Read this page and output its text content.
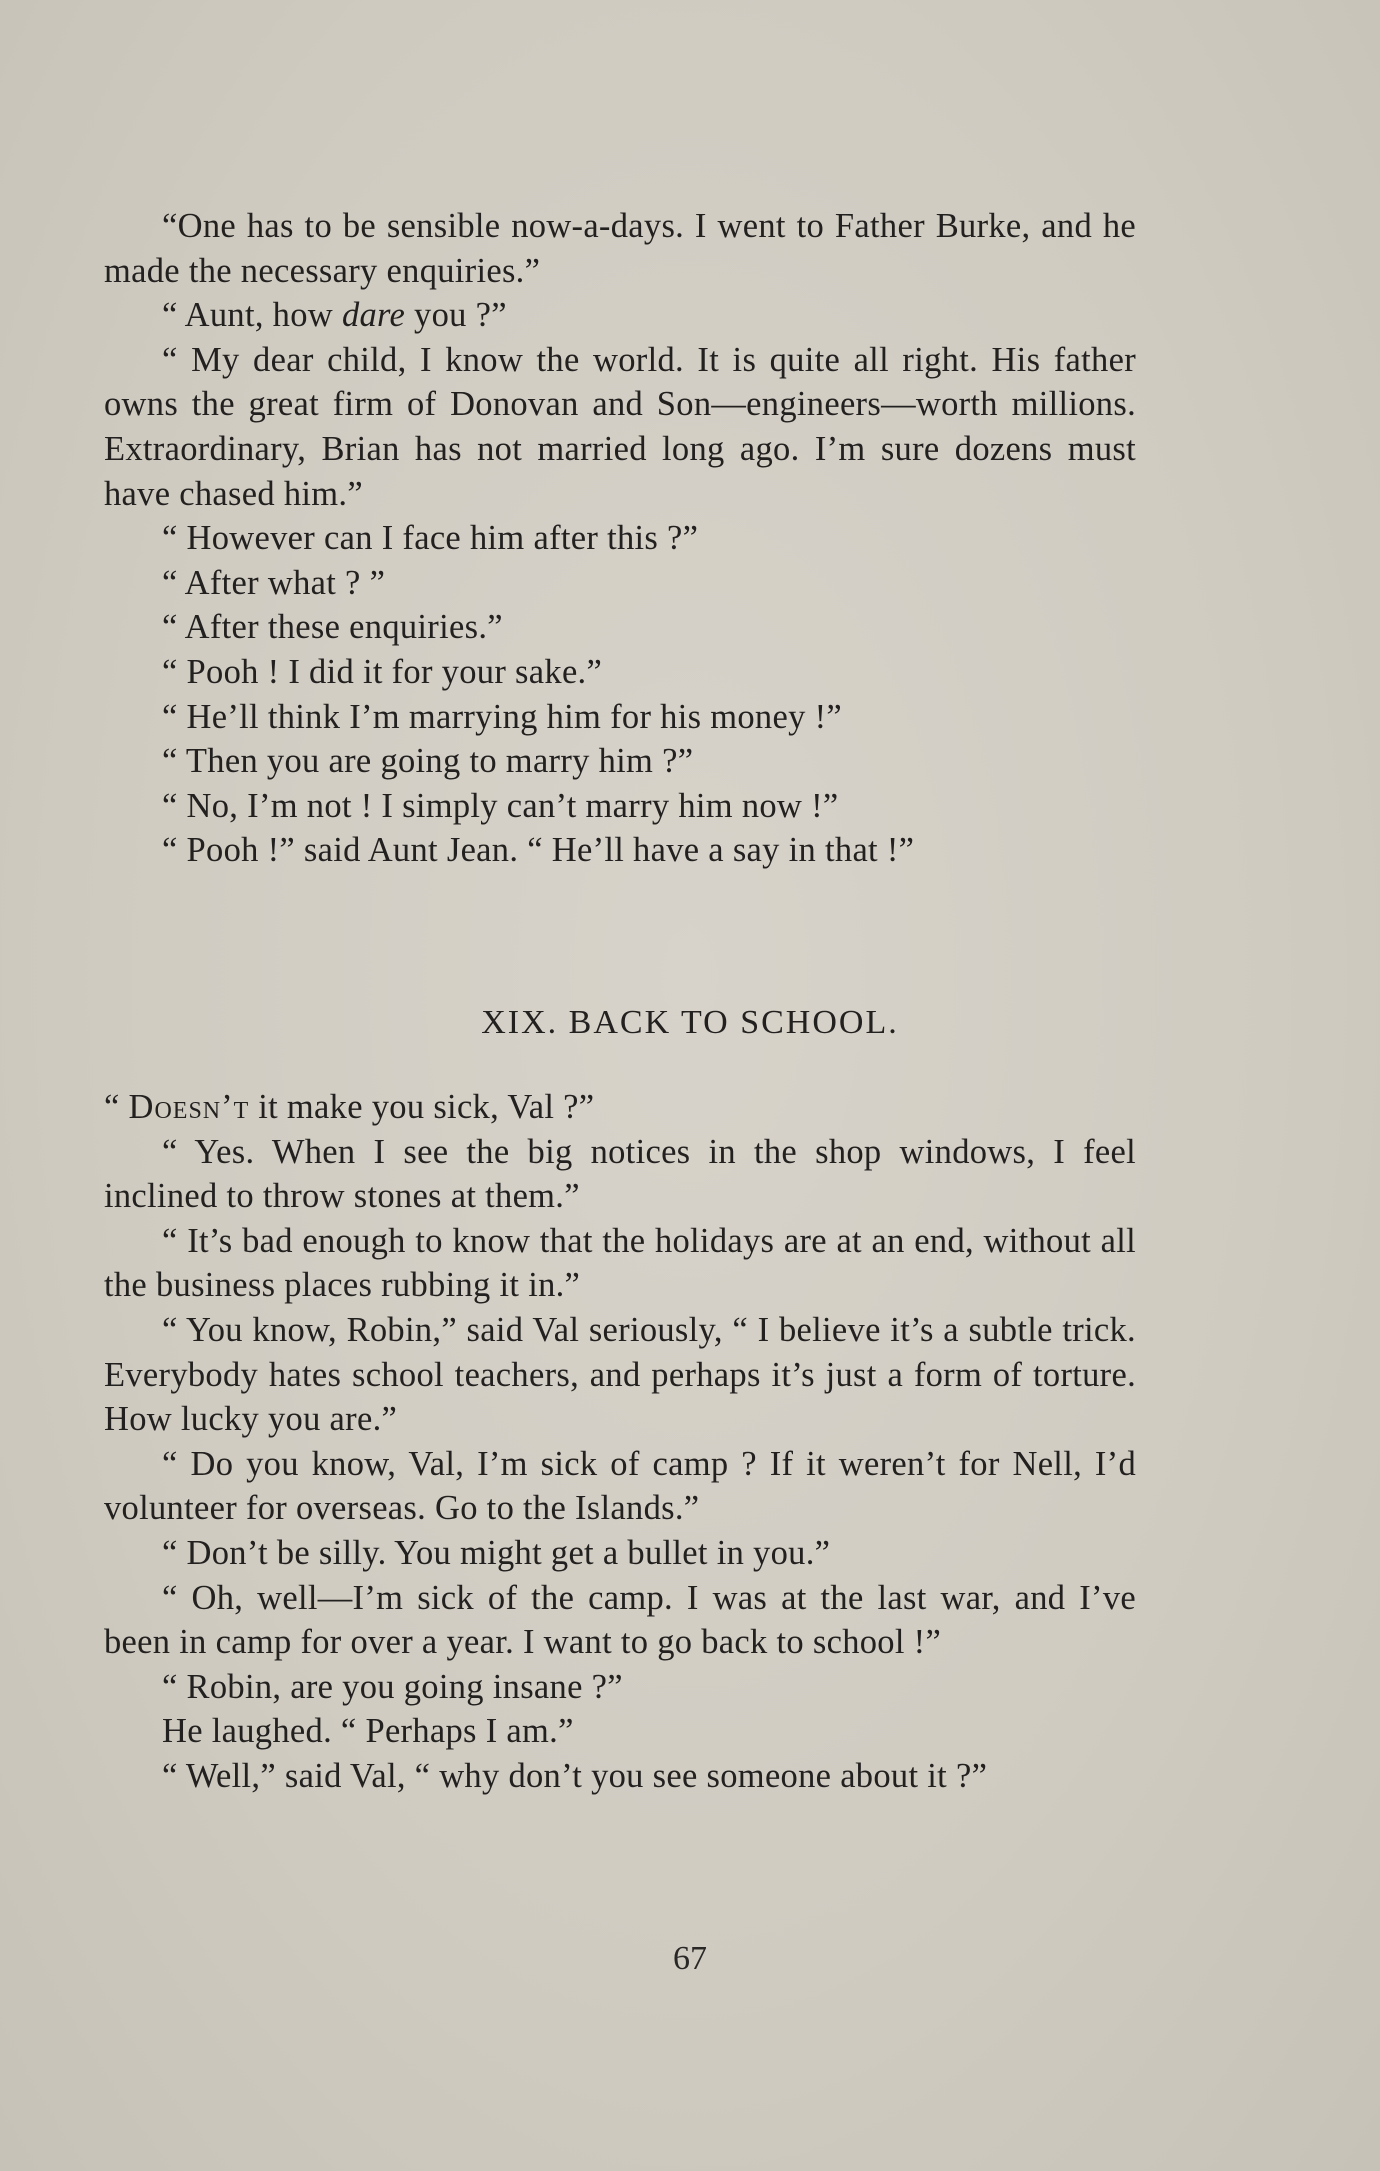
“One has to be sensible now-a-days. I went to Father Burke, and he made the necessary enquiries.”

“ Aunt, how dare you ?”

“ My dear child, I know the world. It is quite all right. His father owns the great firm of Donovan and Son—engineers—worth millions. Extraordinary, Brian has not married long ago. I’m sure dozens must have chased him.”

“ However can I face him after this ?”

“ After what ? ”

“ After these enquiries.”

“ Pooh ! I did it for your sake.”

“ He’ll think I’m marrying him for his money !”

“ Then you are going to marry him ?”

“ No, I’m not ! I simply can’t marry him now !”

“ Pooh !” said Aunt Jean. “ He’ll have a say in that !”

XIX. BACK TO SCHOOL.

“ Doesn’t it make you sick, Val ?”

“ Yes. When I see the big notices in the shop windows, I feel inclined to throw stones at them.”

“ It’s bad enough to know that the holidays are at an end, without all the business places rubbing it in.”

“ You know, Robin,” said Val seriously, “ I believe it’s a subtle trick. Everybody hates school teachers, and perhaps it’s just a form of torture. How lucky you are.”

“ Do you know, Val, I’m sick of camp ? If it weren’t for Nell, I’d volunteer for overseas. Go to the Islands.”

“ Don’t be silly. You might get a bullet in you.”

“ Oh, well—I’m sick of the camp. I was at the last war, and I’ve been in camp for over a year. I want to go back to school !”

“ Robin, are you going insane ?”

He laughed. “ Perhaps I am.”

“ Well,” said Val, “ why don’t you see someone about it ?”

67
